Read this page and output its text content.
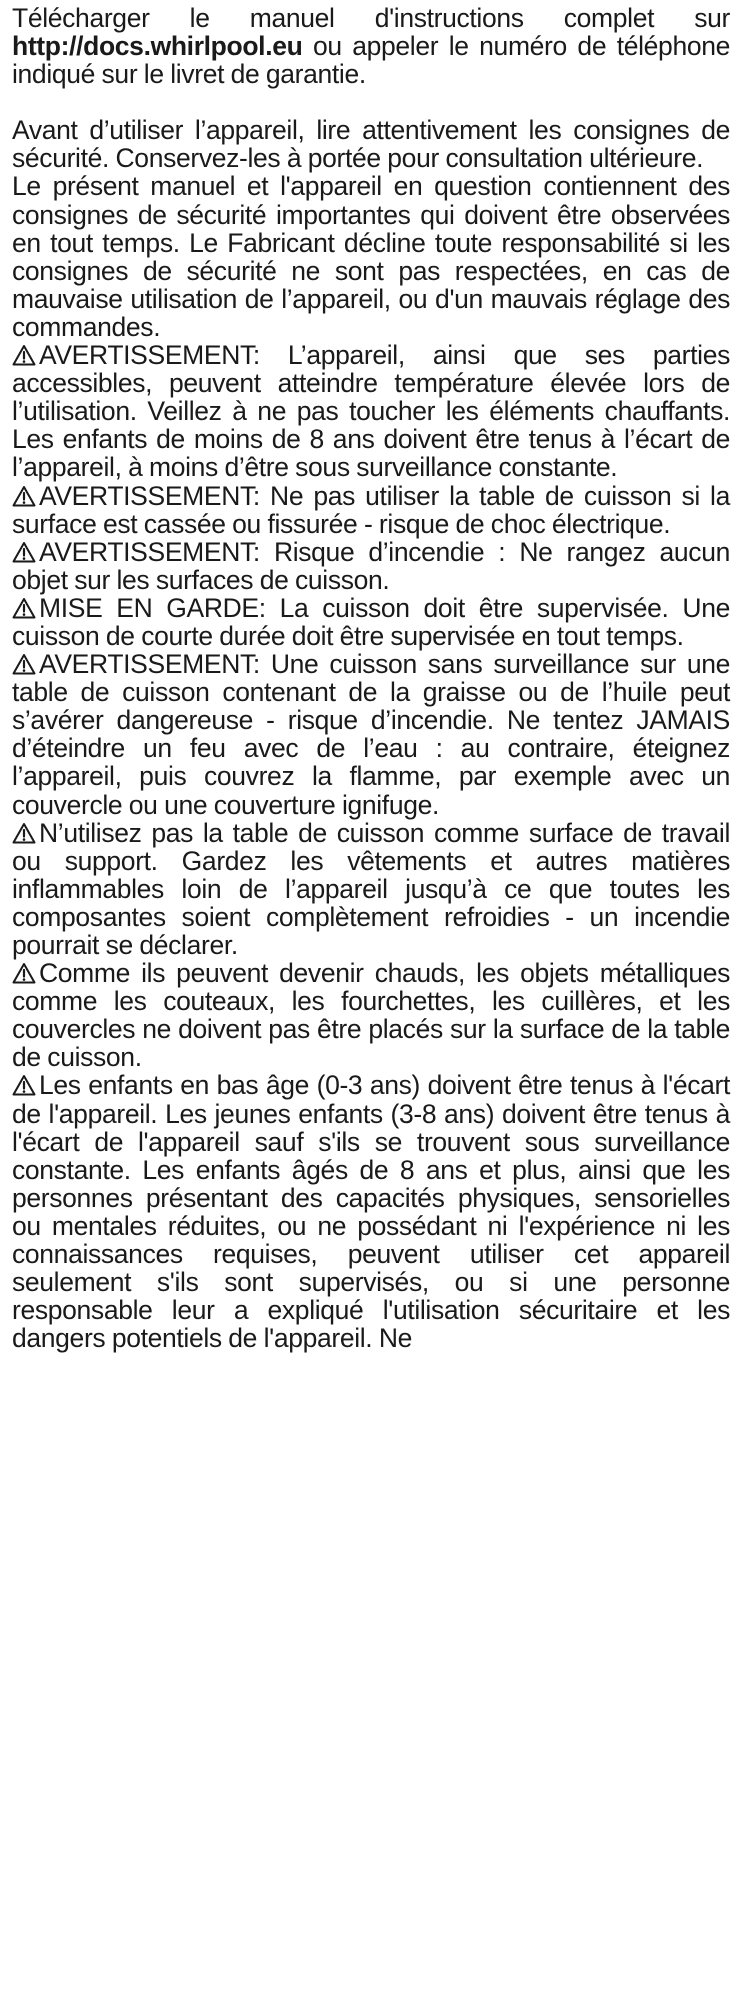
Télécharger le manuel d'instructions complet sur http://docs.whirlpool.eu ou appeler le numéro de téléphone indiqué sur le livret de garantie.

Avant d’utiliser l’appareil, lire attentivement les consignes de sécurité. Conservez-les à portée pour consultation ultérieure.

Le présent manuel et l'appareil en question contiennent des consignes de sécurité importantes qui doivent être observées en tout temps. Le Fabricant décline toute responsabilité si les consignes de sécurité ne sont pas respectées, en cas de mauvaise utilisation de l’appareil, ou d'un mauvais réglage des commandes.

AVERTISSEMENT: L’appareil, ainsi que ses parties accessibles, peuvent atteindre température élevée lors de l’utilisation. Veillez à ne pas toucher les éléments chauffants. Les enfants de moins de 8 ans doivent être tenus à l’écart de l’appareil, à moins d’être sous surveillance constante.

AVERTISSEMENT: Ne pas utiliser la table de cuisson si la surface est cassée ou fissurée - risque de choc électrique.

AVERTISSEMENT: Risque d’incendie : Ne rangez aucun objet sur les surfaces de cuisson.

MISE EN GARDE: La cuisson doit être supervisée. Une cuisson de courte durée doit être supervisée en tout temps.

AVERTISSEMENT: Une cuisson sans surveillance sur une table de cuisson contenant de la graisse ou de l’huile peut s’avérer dangereuse - risque d’incendie. Ne tentez JAMAIS d’éteindre un feu avec de l’eau : au contraire, éteignez l’appareil, puis couvrez la flamme, par exemple avec un couvercle ou une couverture ignifuge.

N’utilisez pas la table de cuisson comme surface de travail ou support. Gardez les vêtements et autres matières inflammables loin de l’appareil jusqu’à ce que toutes les composantes soient complètement refroidies - un incendie pourrait se déclarer.

Comme ils peuvent devenir chauds, les objets métalliques comme les couteaux, les fourchettes, les cuillères, et les couvercles ne doivent pas être placés sur la surface de la table de cuisson.

Les enfants en bas âge (0-3 ans) doivent être tenus à l'écart de l'appareil. Les jeunes enfants (3-8 ans) doivent être tenus à l'écart de l'appareil sauf s'ils se trouvent sous surveillance constante. Les enfants âgés de 8 ans et plus, ainsi que les personnes présentant des capacités physiques, sensorielles ou mentales réduites, ou ne possédant ni l'expérience ni les connaissances requises, peuvent utiliser cet appareil seulement s'ils sont supervisés, ou si une personne responsable leur a expliqué l'utilisation sécuritaire et les dangers potentiels de l'appareil. Ne
